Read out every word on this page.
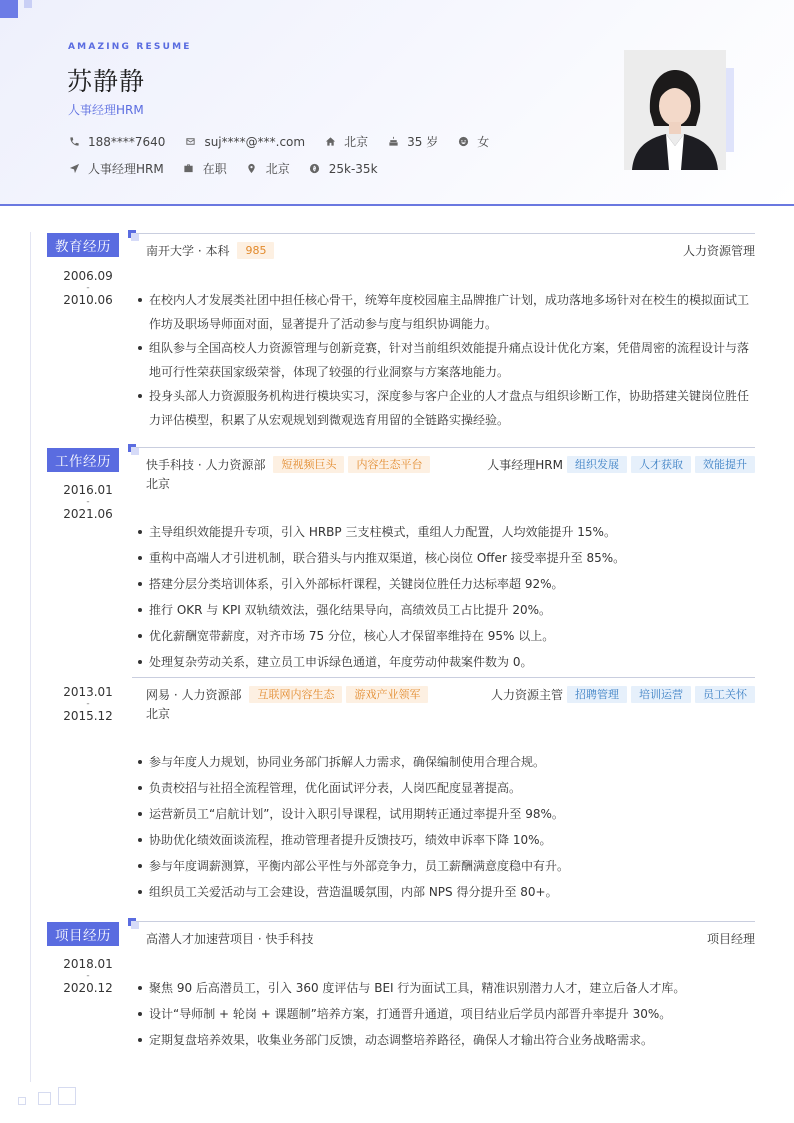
AMAZING RESUME
苏静静
人事经理HRM
188****7640	suj****@***.com	北京	35 岁	女
人事经理HRM	在职	北京	25k-35k
教育经历
2006.09
-
2010.06
南开大学 · 本科	985	人力资源管理
在校内人才发展类社团中担任核心骨干，统筹年度校园雇主品牌推广计划，成功落地多场针对在校生的模拟面试工作坊及职场导师面对面，显著提升了活动参与度与组织协调能力。
组队参与全国高校人力资源管理与创新竞赛，针对当前组织效能提升痛点设计优化方案，凭借周密的流程设计与落地可行性荣获国家级荣誉，体现了较强的行业洞察与方案落地能力。
投身头部人力资源服务机构进行模块实习，深度参与客户企业的人才盘点与组织诊断工作，协助搭建关键岗位胜任力评估模型，积累了从宏观规划到微观选育用留的全链路实操经验。
工作经历
2016.01
-
2021.06
快手科技 · 人力资源部	短视频巨头	内容生态平台	人事经理HRM	组织发展	人才获取	效能提升
北京
主导组织效能提升专项，引入 HRBP 三支柱模式，重组人力配置，人均效能提升 15%。
重构中高端人才引进机制，联合猎头与内推双渠道，核心岗位 Offer 接受率提升至 85%。
搭建分层分类培训体系，引入外部标杆课程，关键岗位胜任力达标率超 92%。
推行 OKR 与 KPI 双轨绩效法，强化结果导向，高绩效员工占比提升 20%。
优化薪酬宽带薪度，对齐市场 75 分位，核心人才保留率维持在 95% 以上。
处理复杂劳动关系，建立员工申诉绿色通道，年度劳动仲裁案件数为 0。
2013.01
-
2015.12
网易 · 人力资源部	互联网内容生态	游戏产业领军	人力资源主管	招聘管理	培训运营	员工关怀
北京
参与年度人力规划，协同业务部门拆解人力需求，确保编制使用合理合规。
负责校招与社招全流程管理，优化面试评分表，人岗匹配度显著提高。
运营新员工“启航计划”，设计入职引导课程，试用期转正通过率提升至 98%。
协助优化绩效面谈流程，推动管理者提升反馈技巧，绩效申诉率下降 10%。
参与年度调薪测算，平衡内部公平性与外部竞争力，员工薪酬满意度稳中有升。
组织员工关爱活动与工会建设，营造温暖氛围，内部 NPS 得分提升至 80+。
项目经历
2018.01
-
2020.12
高潜人才加速营项目 · 快手科技	项目经理
聚焦 90 后高潜员工，引入 360 度评估与 BEI 行为面试工具，精准识别潜力人才，建立后备人才库。
设计“导师制 + 轮岗 + 课题制”培养方案，打通晋升通道，项目结业后学员内部晋升率提升 30%。
定期复盘培养效果，收集业务部门反馈，动态调整培养路径，确保人才输出符合业务战略需求。
